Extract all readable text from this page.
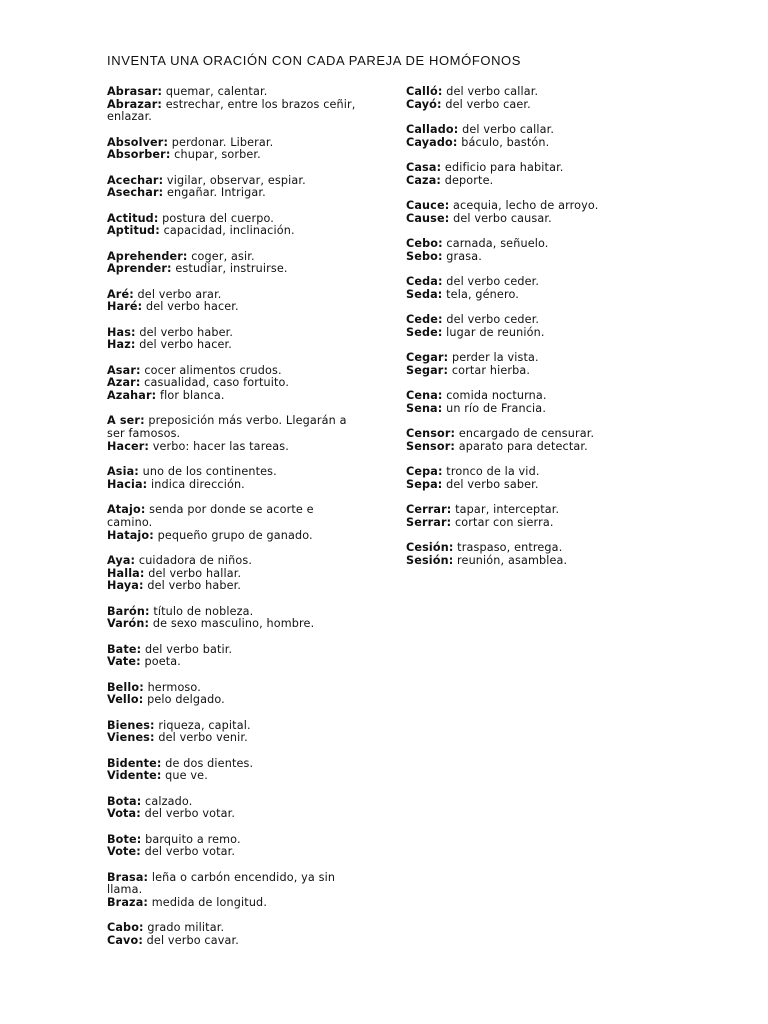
INVENTA UNA ORACIÓN CON CADA PAREJA DE HOMÓFONOS
Abrasar: quemar, calentar.
Abrazar: estrechar, entre los brazos ceñir, enlazar.
Absolver: perdonar. Liberar.
Absorber: chupar, sorber.
Acechar: vigilar, observar, espiar.
Asechar: engañar. Intrigar.
Actitud: postura del cuerpo.
Aptitud: capacidad, inclinación.
Aprehender: coger, asir.
Aprender: estudiar, instruirse.
Aré: del verbo arar.
Haré: del verbo hacer.
Has: del verbo haber.
Haz: del verbo hacer.
Asar: cocer alimentos crudos.
Azar: casualidad, caso fortuito.
Azahar: flor blanca.
A ser: preposición más verbo. Llegarán a ser famosos.
Hacer: verbo: hacer las tareas.
Asia: uno de los continentes.
Hacia: indica dirección.
Atajo: senda por donde se acorte e camino.
Hatajo: pequeño grupo de ganado.
Aya: cuidadora de niños.
Halla: del verbo hallar.
Haya: del verbo haber.
Barón: título de nobleza.
Varón: de sexo masculino, hombre.
Bate: del verbo batir.
Vate: poeta.
Bello: hermoso.
Vello: pelo delgado.
Bienes: riqueza, capital.
Vienes: del verbo venir.
Bidente: de dos dientes.
Vidente: que ve.
Bota: calzado.
Vota: del verbo votar.
Bote: barquito a remo.
Vote: del verbo votar.
Brasa: leña o carbón encendido, ya sin llama.
Braza: medida de longitud.
Cabo: grado militar.
Cavo: del verbo cavar.
Calló: del verbo callar.
Cayó: del verbo caer.
Callado: del verbo callar.
Cayado: báculo, bastón.
Casa: edificio para habitar.
Caza: deporte.
Cauce: acequia, lecho de arroyo.
Cause: del verbo causar.
Cebo: carnada, señuelo.
Sebo: grasa.
Ceda: del verbo ceder.
Seda: tela, género.
Cede: del verbo ceder.
Sede: lugar de reunión.
Cegar: perder la vista.
Segar: cortar hierba.
Cena: comida nocturna.
Sena: un río de Francia.
Censor: encargado de censurar.
Sensor: aparato para detectar.
Cepa: tronco de la vid.
Sepa: del verbo saber.
Cerrar: tapar, interceptar.
Serrar: cortar con sierra.
Cesión: traspaso, entrega.
Sesión: reunión, asamblea.
